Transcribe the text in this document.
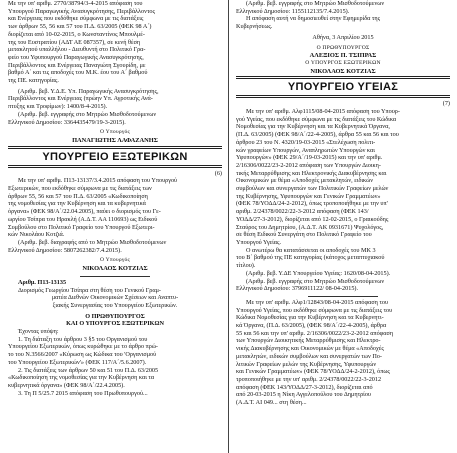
Με την υπ' αριθμ. 2770/38794/3-4-2015 απόφαση του

Υπουργού Παραγωγικής Ανασυγκρότησης, Περιβάλλοντος

και Ενέργειας που εκδόθηκε σύμφωνα με τις διατάξεις

των άρθρων 55, 56 και 57 του Π.Δ. 63/2005 (ΦΕΚ 98 Α΄)

διορίζεται από 10-02-2015, ο Κωνσταντίνος Μπουλμέ-

της του Ευστρατίου (ΑΔΤ ΑΕ 087357), σε κενή θέση

μετακλητού υπαλλήλου - Διευθυντή στο Πολιτικό Γρα-

φείο του Υφυπουργού Παραγωγικής Ανασυγκρότησης,

Περιβάλλοντος και Ενέργειας Παναγιώτη Σγουρίδη, με

βαθμό Α΄ και τις αποδοχές του Μ.Κ. έου του Α΄ βαθμού

της ΠΕ. κατηγορίας.

(Αριθμ. βεβ. Υ.Δ.Ε. Υπ. Παραγωγικής Ανασυγκρότησης,

Περιβάλλοντος και Ενέργειας (πρώην Υπ. Αγροτικής Ανά-

πτυξης και Τροφίμων): 1400/8-4-2015).

(Αριθμ. βεβ. εγγραφής στο Μητρώο Μισθοδοτούμενων

Ελληνικού Δημοσίου: 3364435479/19-3-2015).

Ο Υπουργός

ΠΑΝΑΓΙΩΤΗΣ ΛΑΦΑΖΑΝΗΣ

ΥΠΟΥΡΓΕΙΟ ΕΞΩΤΕΡΙΚΩΝ

(6)

Με την υπ' αριθμ. Π13-13137/3.4.2015 απόφαση του Υπουργού

Εξωτερικών, που εκδόθηκε σύμφωνα με τις διατάξεις των

άρθρων 55, 56 και 57 του Π.Δ. 63/2005 «Κωδικοποίηση

της νομοθεσίας για την Κυβέρνηση και τα κυβερνητικά

όργανα» (ΦΕΚ 98/Α΄/22.04.2005), παύει ο διορισμός του Γε-

ωργίου Τσίπρα του Ηρακλή (Α.Δ.Τ. ΑΑ 110693) ως Ειδικού

Συμβούλου στο Πολιτικό Γραφείο του Υπουργού Εξωτερι-

κών Νικολάου Κοτζιά.

(Αριθμ. βεβ. διαγραφής από το Μητρώο Μισθοδοτούμενων

Ελληνικού Δημοσίου: 5807262382/7.4.2015).

Ο Υπουργός

ΝΙΚΟΛΑΟΣ ΚΟΤΖΙΑΣ

Αριθμ. Π13-13135

Διορισμός Γεωργίου Τσίπρα στη θέση του Γενικού Γραμ-

ματέα Διεθνών Οικονομικών Σχέσεων και Αναπτυ-

ξιακής Συνεργασίας του Υπουργείου Εξωτερικών.

Ο ΠΡΩΘΥΠΟΥΡΓΟΣ

ΚΑΙ Ο ΥΠΟΥΡΓΟΣ ΕΞΩΤΕΡΙΚΩΝ

Έχοντας υπόψη:

1. Τη διάταξη του άρθρου 3 §5 του Οργανισμού του

Υπουργείου Εξωτερικών, όπως κυρώθηκε με το άρθρο πρώ-

το του Ν.3566/2007 «Κύρωση ως Κώδικα του 'Οργανισμού

του Υπουργείου Εξωτερικών'» (ΦΕΚ 117/Α΄/5.6.2007).

2. Τις διατάξεις των άρθρων 50 και 51 του Π.Δ. 63/2005

«Κωδικοποίηση της νομοθεσίας για την Κυβέρνηση και τα

κυβερνητικά όργανα» (ΦΕΚ 98/Α΄/22.4.2005).

3. Τη Π 5/25.7 2015 απόφαση του Πρωθυπουργού...

(Αριθμ. βεβ. εγγραφής στο Μητρώο Μισθοδοτούμενων

Ελληνικού Δημοσίου: 1155112135/7.4.2015).

Η απόφαση αυτή να δημοσιευθεί στην Εφημερίδα της

Κυβερνήσεως.

Αθήνα, 3 Απριλίου 2015

Ο ΠΡΩΘΥΠΟΥΡΓΟΣ

ΑΛΕΞΙΟΣ Π. ΤΣΙΠΡΑΣ

Ο ΥΠΟΥΡΓΟΣ ΕΞΩΤΕΡΙΚΩΝ

ΝΙΚΟΛΑΟΣ ΚΟΤΖΙΑΣ

ΥΠΟΥΡΓΕΙΟ ΥΓΕΙΑΣ

(7)

Με την υπ' αριθμ. Αλφ1115/08-04-2015 απόφαση του Υπουρ-

γού Υγείας, που εκδόθηκε σύμφωνα με τις διατάξεις του Κώδικα

Νομοθεσίας για την Κυβέρνηση και τα Κυβερνητικά Όργανα,

(Π.Δ. 63/2005) (ΦΕΚ 98/Α΄/22-4-2005), άρθρα 55 και 56 και του

άρθρου 23 του Ν. 4320/19-03-2015 «Στελέχωση πολιτι-

κών γραφείων Υπουργών, Αναπληρωτών Υπουργών και

Υφυπουργών» (ΦΕΚ 29/Α΄/19-03-2015) και την υπ' αριθμ.

2/16306/0022/23-2-2012 απόφαση των Υπουργών Διοικη-

τικής Μεταρρύθμισης και Ηλεκτρονικής Διακυβέρνησης και

Οικονομικών με θέμα «Αποδοχές μετακλητών, ειδικών

συμβούλων και συνεργατών των Πολιτικών Γραφείων μελών

της Κυβέρνησης, Υφυπουργών και Γενικών Γραμματέων»

(ΦΕΚ 78/ΥΟΔΔ/24-2-2012), όπως τροποποιήθηκε με την υπ'

αριθμ. 2/24378/0022/22-3-2012 απόφαση (ΦΕΚ 143/

ΥΟΔΔ/27-3-2012), διορίζεται από 12-02-2015, ο Γραικούδης

Σταύρος του Δημητρίου, (Α.Δ.Τ. ΑΚ 0931671) Ψυχολόγος,

σε θέση Ειδικού Συνεργάτη στο Πολιτικό Γραφείο του

Υπουργού Υγείας.

Ο ανωτέρω θα κατατάσσεται οι αποδοχές του ΜΚ 3

του Β΄ βαθμού της ΠΕ κατηγορίας (κάτοχος μεταπτυχιακού

τίτλου).

(Αριθμ. βεβ. Υ.ΔΕ Υπουργείου Υγείας: 1620/08-04-2015).

(Αριθμ. βεβ. εγγραφής στο Μητρώο Μισθοδοτούμενων

Ελληνικού Δημοσίου: 3796911122/ 08-04-2015).

Με την υπ' αριθμ. Αλφ1/12843/08-04-2015 απόφαση του

Υπουργού Υγείας, που εκδόθηκε σύμφωνα με τις διατάξεις του

Κώδικα Νομοθεσίας για την Κυβέρνηση και τα Κυβερνητι-

κά Όργανα, (Π.Δ. 63/2005), (ΦΕΚ 98/Α΄/22-4-2005), άρθρα

55 και 56 και την υπ' αριθμ. 2/16306/0022/23-2-2012 απόφαση

των Υπουργών Διοικητικής Μεταρρύθμισης και Ηλεκτρο-

νικής Διακυβέρνησης και Οικονομικών με θέμα «Αποδοχές

μετακλητών, ειδικών συμβούλων και συνεργατών των Πο-

λιτικών Γραφείων μελών της Κυβέρνησης, Υφυπουργών

και Γενικών Γραμματέων» (ΦΕΚ 78/ΥΟΔΔ/24-2-2012), όπως

τροποποιήθηκε με την υπ' αριθμ. 2/24378/0022/22-3-2012

απόφαση (ΦΕΚ 143/ΥΟΔΔ/27-3-2012), διορίζεται από

από 20-03-2015 η Νίκη Αγγελοπούλου του Δημητρίου

(Α.Δ.Τ. ΑΙ 049... στη θέση...
